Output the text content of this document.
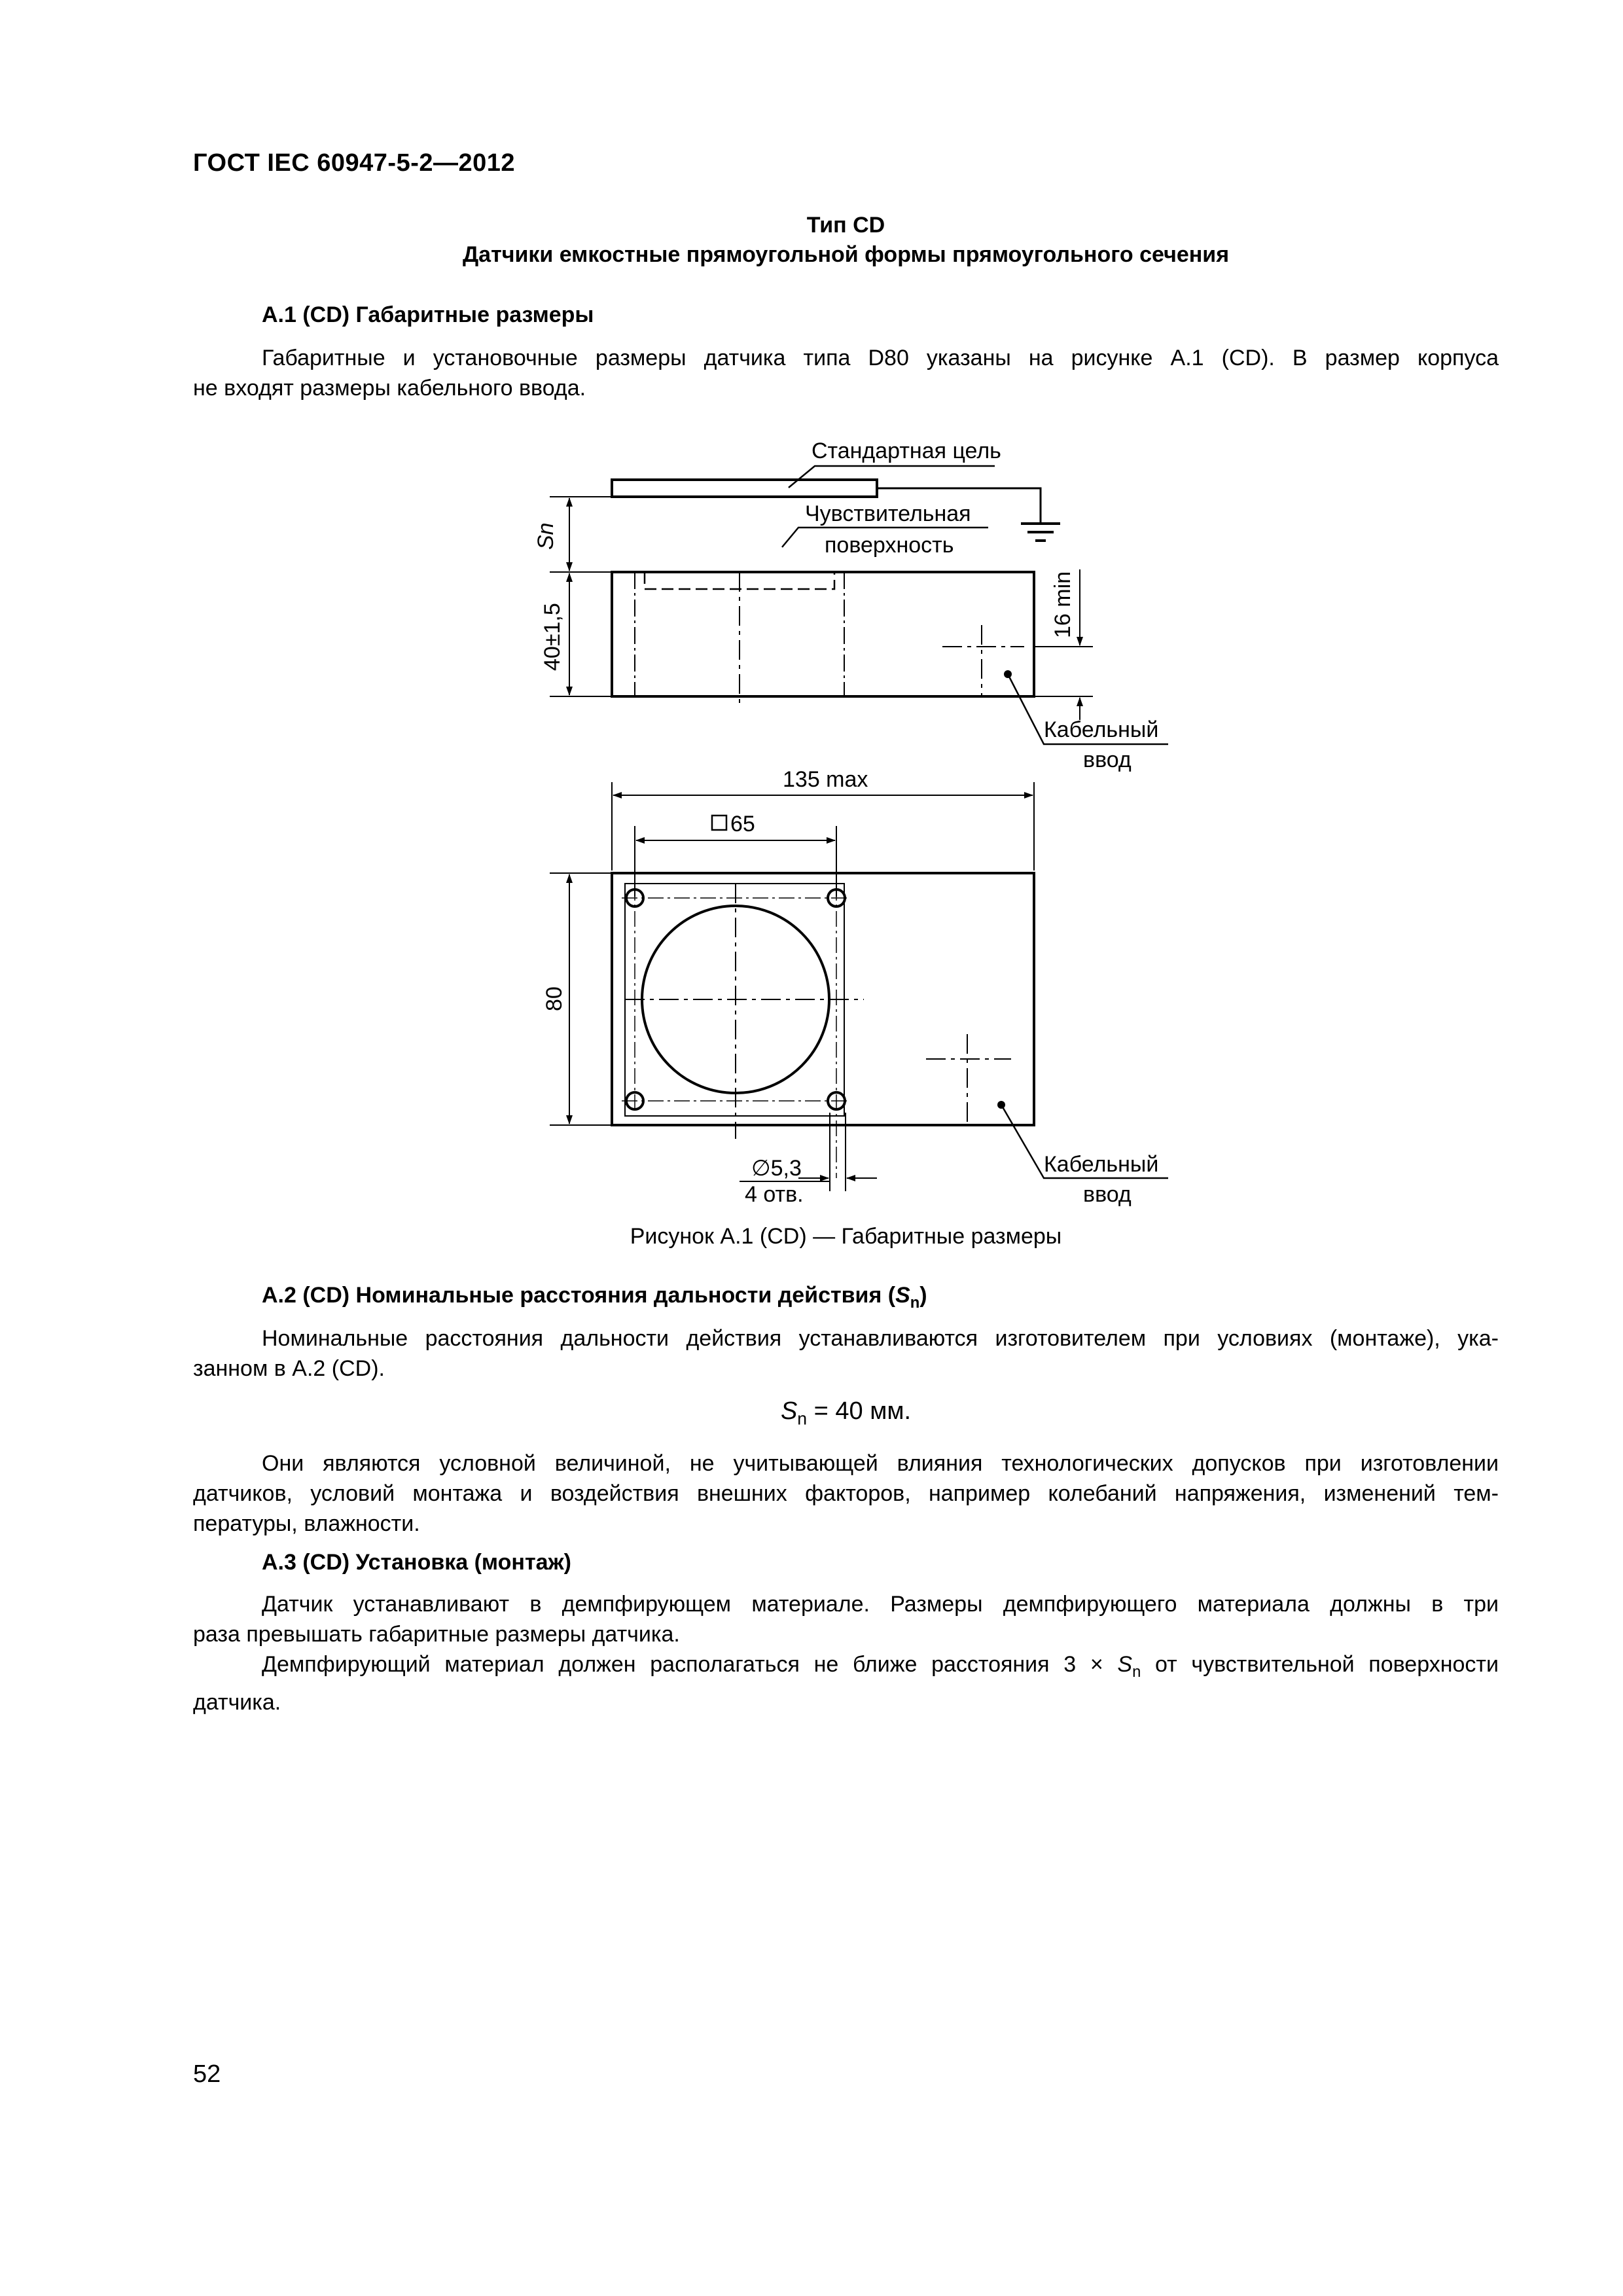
ГОСТ IEC 60947-5-2—2012
Тип CD
Датчики емкостные прямоугольной формы прямоугольного сечения
А.1 (CD) Габаритные размеры
Габаритные и установочные размеры датчика типа D80 указаны на рисунке А.1 (CD). В размер корпуса
не входят размеры кабельного ввода.
Стандартная цель
Sn
Чувствительная
поверхность
40±1,5	16 min
Кабельный
ввод
135 max
65
80
Кабельный
ввод
∅5,3
4 отв.
Рисунок А.1 (CD) — Габаритные размеры
А.2 (CD) Номинальные расстояния дальности действия $(S_n)$
Номинальные расстояния дальности действия устанавливаются изготовителем при условиях (монтаже), ука-
занном в А.2 (CD).
$S_n = 40$ мм.
Они являются условной величиной, не учитывающей влияния технологических допусков при изготовлении
датчиков, условий монтажа и воздействия внешних факторов, например колебаний напряжения, изменений тем-
пературы, влажности.
А.3 (CD) Установка (монтаж)
Датчик устанавливают в демпфирующем материале. Размеры демпфирующего материала должны в три
раза превышать габаритные размеры датчика.
Демпфирующий материал должен располагаться не ближе расстояния $3 \times S_n$ от чувствительной поверхности
датчика.
52
